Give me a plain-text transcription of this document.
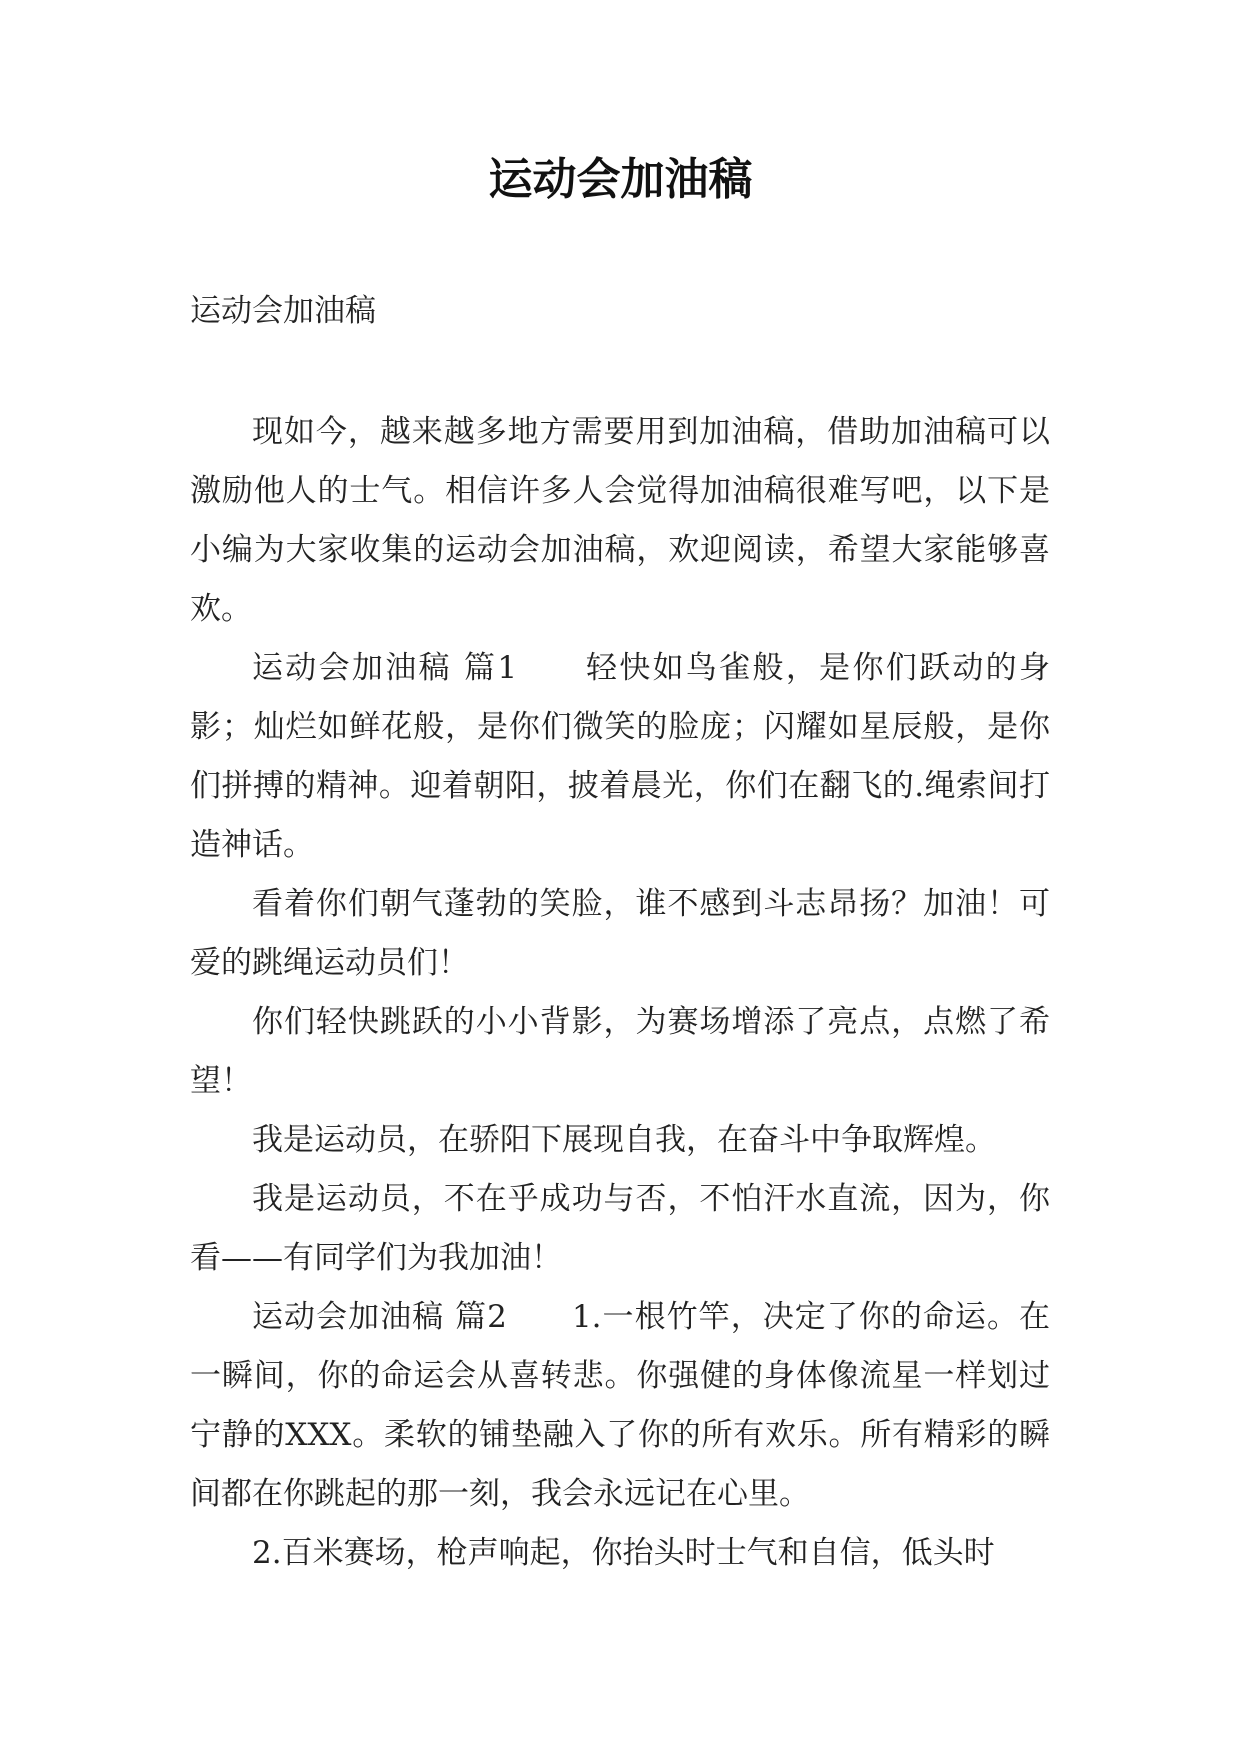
运动会加油稿
运动会加油稿

现如今，越来越多地方需要用到加油稿，借助加油稿可以激励他人的士气。相信许多人会觉得加油稿很难写吧，以下是小编为大家收集的运动会加油稿，欢迎阅读，希望大家能够喜欢。

运动会加油稿 篇1　　轻快如鸟雀般，是你们跃动的身影；灿烂如鲜花般，是你们微笑的脸庞；闪耀如星辰般，是你们拼搏的精神。迎着朝阳，披着晨光，你们在翻飞的.绳索间打造神话。

看着你们朝气蓬勃的笑脸，谁不感到斗志昂扬？加油！可爱的跳绳运动员们！

你们轻快跳跃的小小背影，为赛场增添了亮点，点燃了希望！

我是运动员，在骄阳下展现自我，在奋斗中争取辉煌。

我是运动员，不在乎成功与否，不怕汗水直流，因为，你看——有同学们为我加油！

运动会加油稿 篇2　　1.一根竹竿，决定了你的命运。在一瞬间，你的命运会从喜转悲。你强健的身体像流星一样划过宁静的XXX。柔软的铺垫融入了你的所有欢乐。所有精彩的瞬间都在你跳起的那一刻，我会永远记在心里。

2.百米赛场，枪声响起，你抬头时士气和自信，低头时
